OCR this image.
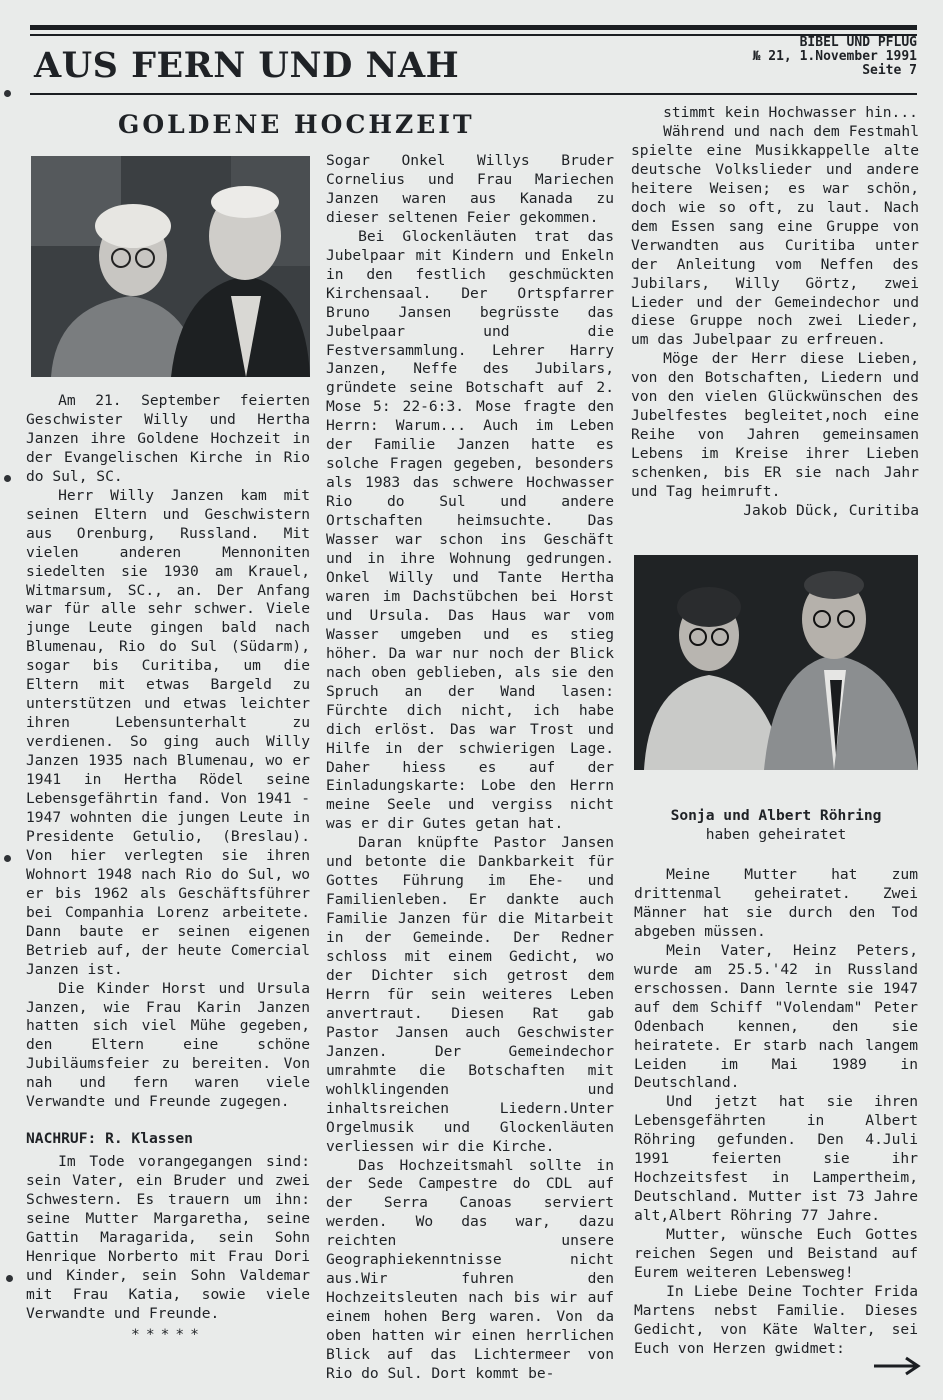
AUS FERN UND NAH
BIBEL UND PFLUG
№ 21, 1.November 1991
Seite 7
GOLDENE HOCHZEIT

Am 21. September feierten Geschwister Willy und Hertha Janzen ihre Goldene Hochzeit in der Evangelischen Kirche in Rio do Sul, SC.

Herr Willy Janzen kam mit seinen Eltern und Geschwistern aus Orenburg, Russland. Mit vielen anderen Mennoniten siedelten sie 1930 am Krauel, Witmarsum, SC., an. Der Anfang war für alle sehr schwer. Viele junge Leute gingen bald nach Blumenau, Rio do Sul (Südarm), sogar bis Curitiba, um die Eltern mit etwas Bargeld zu unterstützen und etwas leichter ihren Lebensunterhalt zu verdienen. So ging auch Willy Janzen 1935 nach Blumenau, wo er 1941 in Hertha Rödel seine Lebensgefährtin fand. Von 1941 - 1947 wohnten die jungen Leute in Presidente Getulio, (Breslau). Von hier verlegten sie ihren Wohnort 1948 nach Rio do Sul, wo er bis 1962 als Geschäftsführer bei Companhia Lorenz arbeitete. Dann baute er seinen eigenen Betrieb auf, der heute Comercial Janzen ist.

Die Kinder Horst und Ursula Janzen, wie Frau Karin Janzen hatten sich viel Mühe gegeben, den Eltern eine schöne Jubiläumsfeier zu bereiten. Von nah und fern waren viele Verwandte und Freunde zugegen.

NACHRUF: R. Klassen

Im Tode vorangegangen sind: sein Vater, ein Bruder und zwei Schwestern. Es trauern um ihn: seine Mutter Margaretha, seine Gattin Maragarida, sein Sohn Henrique Norberto mit Frau Dori und Kinder, sein Sohn Valdemar mit Frau Katia, sowie viele Verwandte und Freunde.

*****

Sogar Onkel Willys Bruder Cornelius und Frau Mariechen Janzen waren aus Kanada zu dieser seltenen Feier gekommen.

Bei Glockenläuten trat das Jubelpaar mit Kindern und Enkeln in den festlich geschmückten Kirchensaal. Der Ortspfarrer Bruno Jansen begrüsste das Jubelpaar und die Festversammlung. Lehrer Harry Janzen, Neffe des Jubilars, gründete seine Botschaft auf 2. Mose 5: 22-6:3. Mose fragte den Herrn: Warum... Auch im Leben der Familie Janzen hatte es solche Fragen gegeben, besonders als 1983 das schwere Hochwasser Rio do Sul und andere Ortschaften heimsuchte. Das Wasser war schon ins Geschäft und in ihre Wohnung gedrungen. Onkel Willy und Tante Hertha waren im Dachstübchen bei Horst und Ursula. Das Haus war vom Wasser umgeben und es stieg höher. Da war nur noch der Blick nach oben geblieben, als sie den Spruch an der Wand lasen: Fürchte dich nicht, ich habe dich erlöst. Das war Trost und Hilfe in der schwierigen Lage. Daher hiess es auf der Einladungskarte: Lobe den Herrn meine Seele und vergiss nicht was er dir Gutes getan hat.

Daran knüpfte Pastor Jansen und betonte die Dankbarkeit für Gottes Führung im Ehe- und Familienleben. Er dankte auch Familie Janzen für die Mitarbeit in der Gemeinde. Der Redner schloss mit einem Gedicht, wo der Dichter sich getrost dem Herrn für sein weiteres Leben anvertraut. Diesen Rat gab Pastor Jansen auch Geschwister Janzen. Der Gemeindechor umrahmte die Botschaften mit wohlklingenden und inhaltsreichen Liedern.Unter Orgelmusik und Glockenläuten verliessen wir die Kirche.

Das Hochzeitsmahl sollte in der Sede Campestre do CDL auf der Serra Canoas serviert werden. Wo das war, dazu reichten unsere Geographiekenntnisse nicht aus.Wir fuhren den Hochzeitsleuten nach bis wir auf einem hohen Berg waren. Von da oben hatten wir einen herrlichen Blick auf das Lichtermeer von Rio do Sul. Dort kommt be-

stimmt kein Hochwasser hin...

Während und nach dem Festmahl spielte eine Musikkappelle alte deutsche Volkslieder und andere heitere Weisen; es war schön, doch wie so oft, zu laut. Nach dem Essen sang eine Gruppe von Verwandten aus Curitiba unter der Anleitung vom Neffen des Jubilars, Willy Görtz, zwei Lieder und der Gemeindechor und diese Gruppe noch zwei Lieder, um das Jubelpaar zu erfreuen.

Möge der Herr diese Lieben, von den Botschaften, Liedern und von den vielen Glückwünschen des Jubelfestes begleitet,noch eine Reihe von Jahren gemeinsamen Lebens im Kreise ihrer Lieben schenken, bis ER sie nach Jahr und Tag heimruft.

Jakob Dück, Curitiba
Sonja und Albert Röhring
haben geheiratet

Meine Mutter hat zum drittenmal geheiratet. Zwei Männer hat sie durch den Tod abgeben müssen.

Mein Vater, Heinz Peters, wurde am 25.5.'42 in Russland erschossen. Dann lernte sie 1947 auf dem Schiff "Volendam" Peter Odenbach kennen, den sie heiratete. Er starb nach langem Leiden im Mai 1989 in Deutschland.

Und jetzt hat sie ihren Lebensgefährten in Albert Röhring gefunden. Den 4.Juli 1991 feierten sie ihr Hochzeitsfest in Lampertheim, Deutschland. Mutter ist 73 Jahre alt,Albert Röhring 77 Jahre.

Mutter, wünsche Euch Gottes reichen Segen und Beistand auf Eurem weiteren Lebensweg!

In Liebe Deine Tochter Frida Martens nebst Familie. Dieses Gedicht, von Käte Walter, sei Euch von Herzen gwidmet:
